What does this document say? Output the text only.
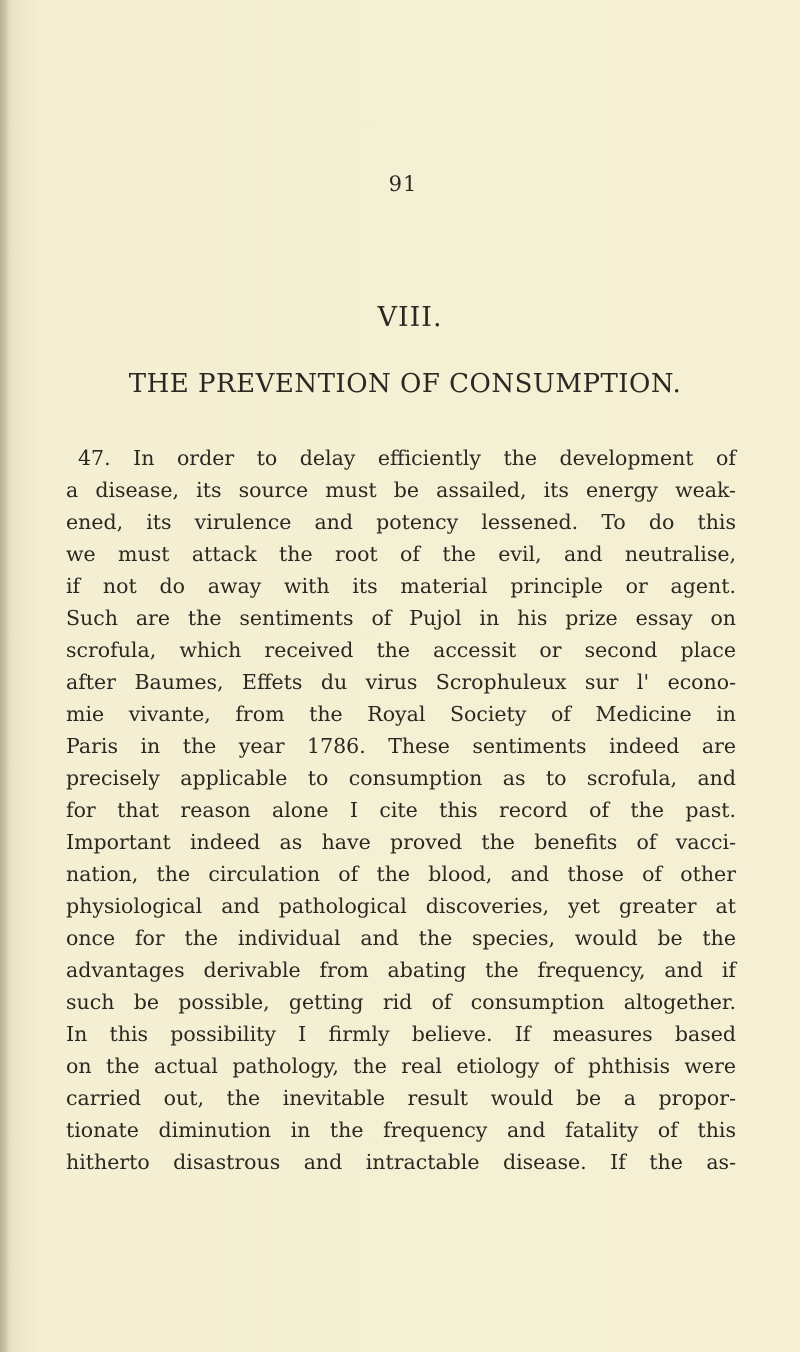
91
VIII.
THE PREVENTION OF CONSUMPTION.
47. In order to delay efficiently the development of
a disease, its source must be assailed, its energy weak-
ened, its virulence and potency lessened. To do this
we must attack the root of the evil, and neutralise,
if not do away with its material principle or agent.
Such are the sentiments of Pujol in his prize essay on
scrofula, which received the accessit or second place
after Baumes, Effets du virus Scrophuleux sur l' econo-
mie vivante, from the Royal Society of Medicine in
Paris in the year 1786. These sentiments indeed are
precisely applicable to consumption as to scrofula, and
for that reason alone I cite this record of the past.
Important indeed as have proved the benefits of vacci-
nation, the circulation of the blood, and those of other
physiological and pathological discoveries, yet greater at
once for the individual and the species, would be the
advantages derivable from abating the frequency, and if
such be possible, getting rid of consumption altogether.
In this possibility I firmly believe. If measures based
on the actual pathology, the real etiology of phthisis were
carried out, the inevitable result would be a propor-
tionate diminution in the frequency and fatality of this
hitherto disastrous and intractable disease. If the as-
